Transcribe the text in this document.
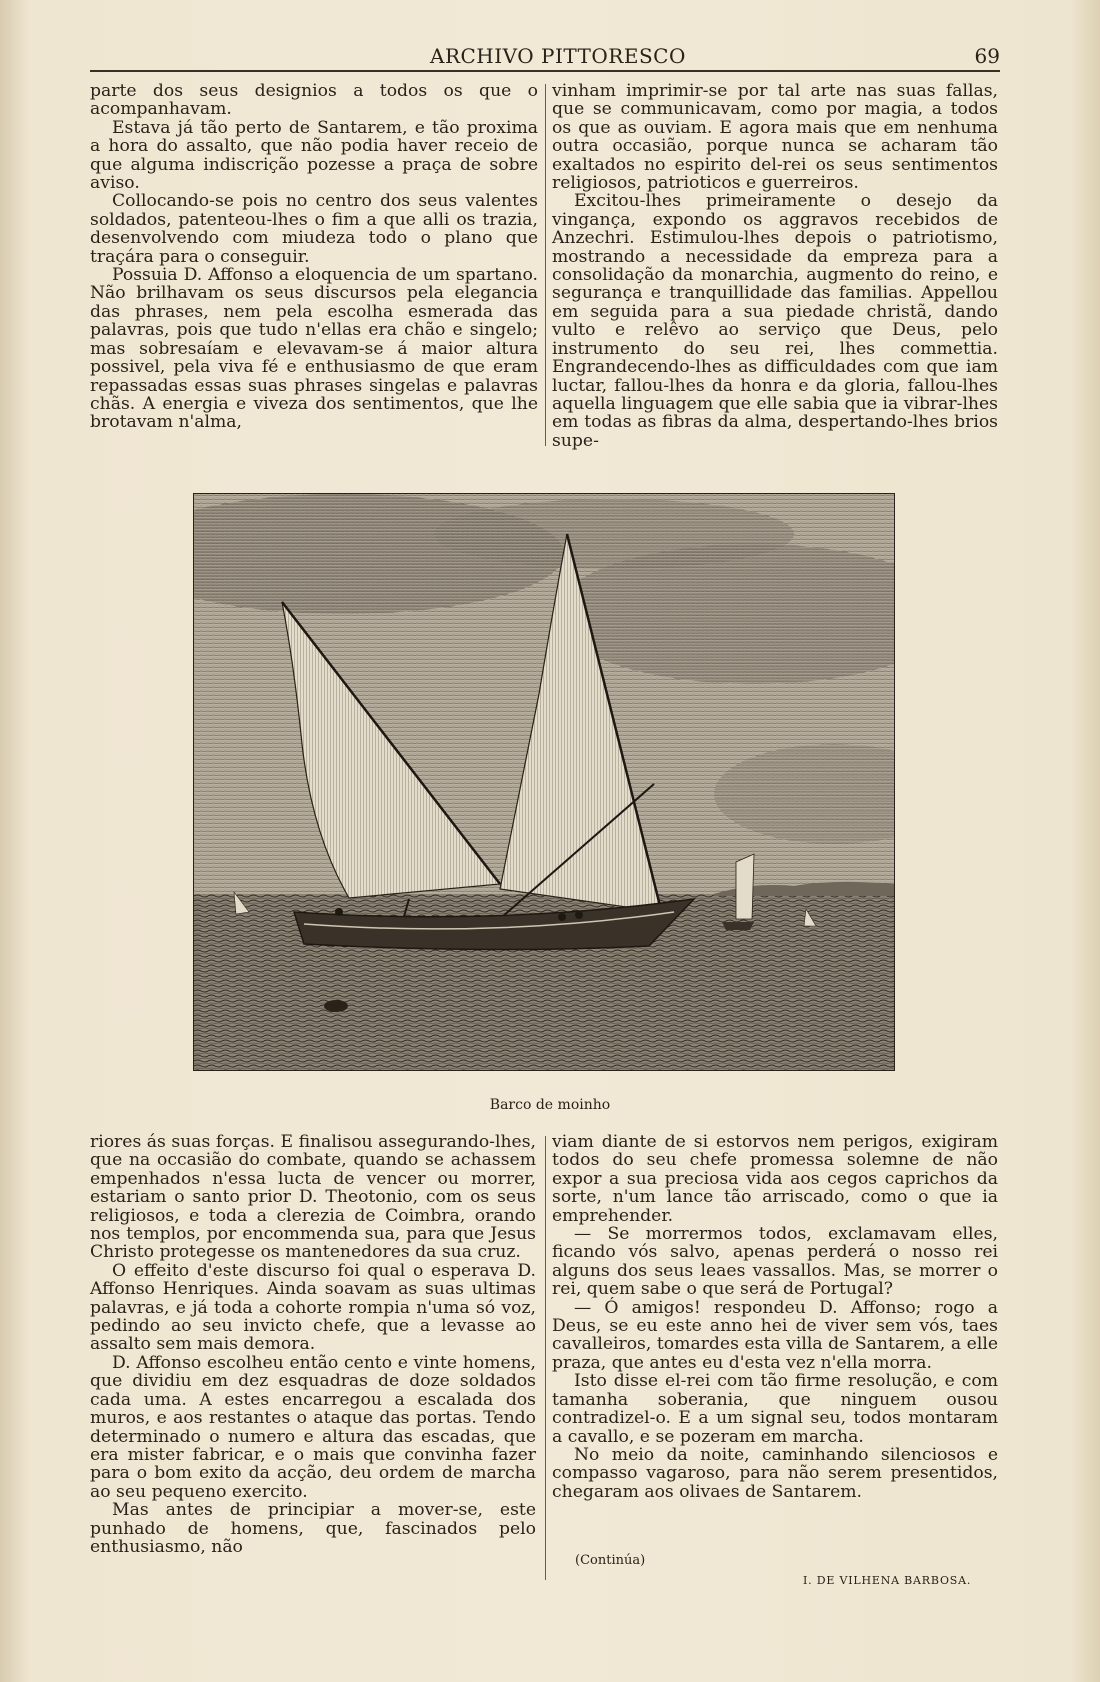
ARCHIVO PITTORESCO	69

parte dos seus designios a todos os que o acompanhavam.

Estava já tão perto de Santarem, e tão proxima a hora do assalto, que não podia haver receio de que alguma indiscrição pozesse a praça de sobre aviso.

Collocando-se pois no centro dos seus valentes soldados, patenteou-lhes o fim a que alli os trazia, desenvolvendo com miudeza todo o plano que traçára para o conseguir.

Possuia D. Affonso a eloquencia de um spartano. Não brilhavam os seus discursos pela elegancia das phrases, nem pela escolha esmerada das palavras, pois que tudo n'ellas era chão e singelo; mas sobresaíam e elevavam-se á maior altura possivel, pela viva fé e enthusiasmo de que eram repassadas essas suas phrases singelas e palavras chãs. A energia e viveza dos sentimentos, que lhe brotavam n'alma,

vinham imprimir-se por tal arte nas suas fallas, que se communicavam, como por magia, a todos os que as ouviam. E agora mais que em nenhuma outra occasião, porque nunca se acharam tão exaltados no espirito del-rei os seus sentimentos religiosos, patrioticos e guerreiros.

Excitou-lhes primeiramente o desejo da vingança, expondo os aggravos recebidos de Anzechri. Estimulou-lhes depois o patriotismo, mostrando a necessidade da empreza para a consolidação da monarchia, augmento do reino, e segurança e tranquillidade das familias. Appellou em seguida para a sua piedade christã, dando vulto e relêvo ao serviço que Deus, pelo instrumento do seu rei, lhes commettia. Engrandecendo-lhes as difficuldades com que iam luctar, fallou-lhes da honra e da gloria, fallou-lhes aquella linguagem que elle sabia que ia vibrar-lhes em todas as fibras da alma, despertando-lhes brios supe-

Barco de moinho

riores ás suas forças. E finalisou assegurando-lhes, que na occasião do combate, quando se achassem empenhados n'essa lucta de vencer ou morrer, estariam o santo prior D. Theotonio, com os seus religiosos, e toda a clerezia de Coimbra, orando nos templos, por encommenda sua, para que Jesus Christo protegesse os mantenedores da sua cruz.

O effeito d'este discurso foi qual o esperava D. Affonso Henriques. Ainda soavam as suas ultimas palavras, e já toda a cohorte rompia n'uma só voz, pedindo ao seu invicto chefe, que a levasse ao assalto sem mais demora.

D. Affonso escolheu então cento e vinte homens, que dividiu em dez esquadras de doze soldados cada uma. A estes encarregou a escalada dos muros, e aos restantes o ataque das portas. Tendo determinado o numero e altura das escadas, que era mister fabricar, e o mais que convinha fazer para o bom exito da acção, deu ordem de marcha ao seu pequeno exercito.

Mas antes de principiar a mover-se, este punhado de homens, que, fascinados pelo enthusiasmo, não

viam diante de si estorvos nem perigos, exigiram todos do seu chefe promessa solemne de não expor a sua preciosa vida aos cegos caprichos da sorte, n'um lance tão arriscado, como o que ia emprehender.

— Se morrermos todos, exclamavam elles, ficando vós salvo, apenas perderá o nosso rei alguns dos seus leaes vassallos. Mas, se morrer o rei, quem sabe o que será de Portugal?

— Ó amigos! respondeu D. Affonso; rogo a Deus, se eu este anno hei de viver sem vós, taes cavalleiros, tomardes esta villa de Santarem, a elle praza, que antes eu d'esta vez n'ella morra.

Isto disse el-rei com tão firme resolução, e com tamanha soberania, que ninguem ousou contradizel-o. E a um signal seu, todos montaram a cavallo, e se pozeram em marcha.

No meio da noite, caminhando silenciosos e compasso vagaroso, para não serem presentidos, chegaram aos olivaes de Santarem.

(Continúa)
I. DE VILHENA BARBOSA.
